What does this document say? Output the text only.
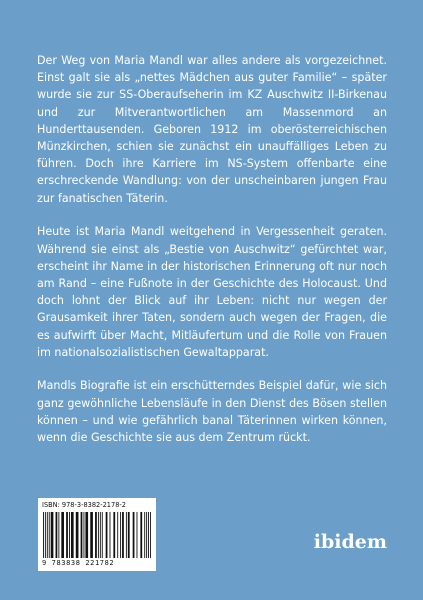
Der Weg von Maria Mandl war alles andere als vorgezeichnet. Einst galt sie als „nettes Mädchen aus guter Familie“ – später wurde sie zur SS-Oberaufseherin im KZ Auschwitz II-Birkenau und zur Mitverantwortlichen am Massenmord an Hunderttausenden. Geboren 1912 im oberösterreichischen Münzkirchen, schien sie zunächst ein unauffälliges Leben zu führen. Doch ihre Karriere im NS-System offenbarte eine erschreckende Wandlung: von der unscheinbaren jungen Frau zur fanatischen Täterin.

Heute ist Maria Mandl weitgehend in Vergessenheit geraten. Während sie einst als „Bestie von Auschwitz“ gefürchtet war, erscheint ihr Name in der historischen Erinnerung oft nur noch am Rand – eine Fußnote in der Geschichte des Holocaust. Und doch lohnt der Blick auf ihr Leben: nicht nur wegen der Grausamkeit ihrer Taten, sondern auch wegen der Fragen, die es aufwirft über Macht, Mitläufertum und die Rolle von Frauen im nationalsozialistischen Gewaltapparat.

Mandls Biografie ist ein erschütterndes Beispiel dafür, wie sich ganz gewöhnliche Lebensläufe in den Dienst des Bösen stellen können – und wie gefährlich banal Täterinnen wirken können, wenn die Geschichte sie aus dem Zentrum rückt.

ISBN: 978-3-8382-2178-2
9 783838 221782
ibidem
